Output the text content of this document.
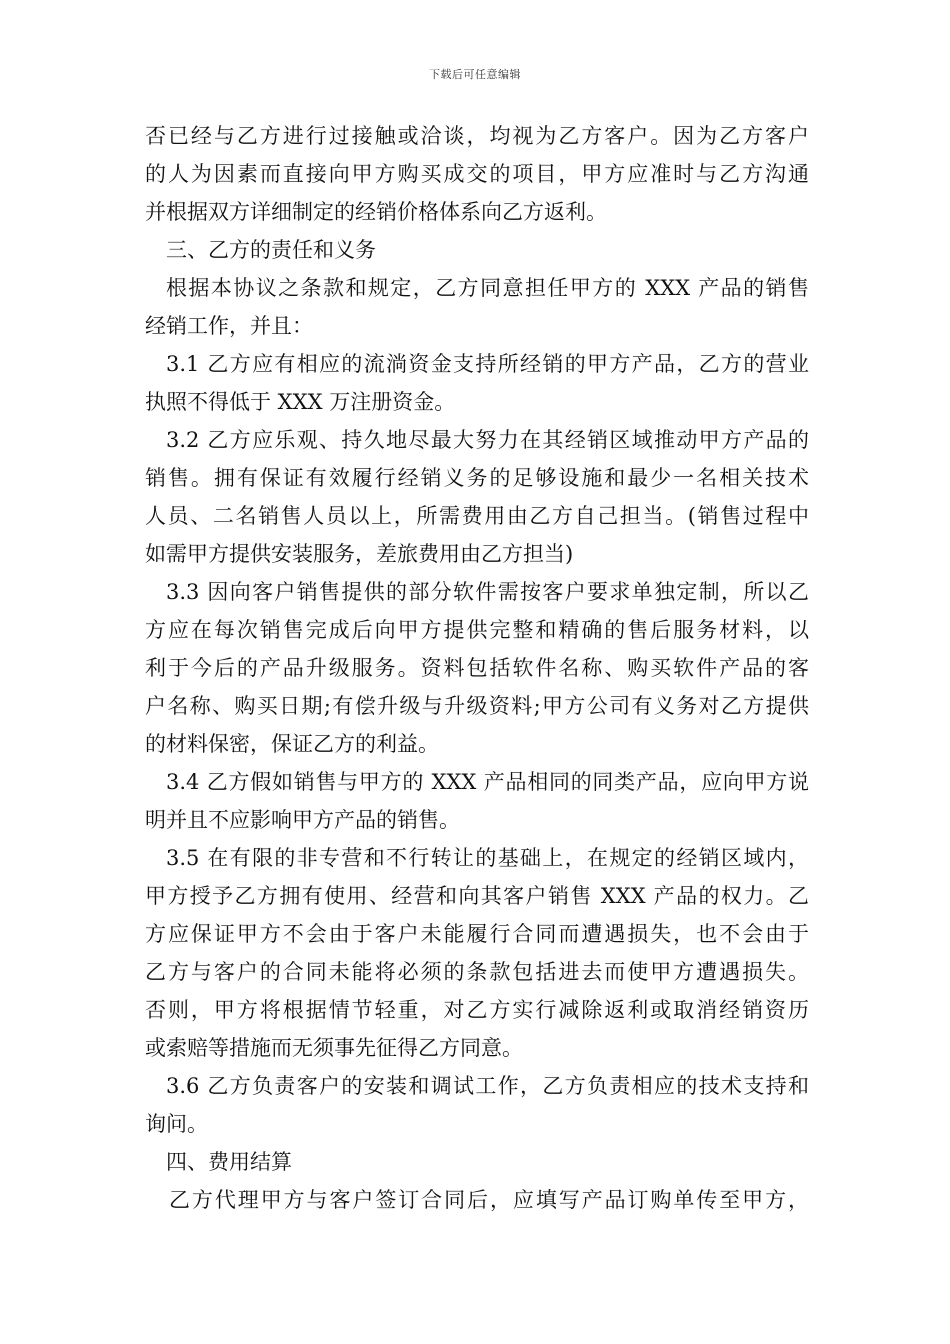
下载后可任意编辑
否已经与乙方进行过接触或洽谈，均视为乙方客户。因为乙方客户
的人为因素而直接向甲方购买成交的项目，甲方应准时与乙方沟通
并根据双方详细制定的经销价格体系向乙方返利。
三、乙方的责任和义务
根据本协议之条款和规定，乙方同意担任甲方的 XXX 产品的销售
经销工作，并且：
3.1 乙方应有相应的流淌资金支持所经销的甲方产品，乙方的营业
执照不得低于 XXX 万注册资金。
3.2 乙方应乐观、持久地尽最大努力在其经销区域推动甲方产品的
销售。拥有保证有效履行经销义务的足够设施和最少一名相关技术
人员、二名销售人员以上，所需费用由乙方自己担当。(销售过程中
如需甲方提供安装服务，差旅费用由乙方担当)
3.3 因向客户销售提供的部分软件需按客户要求单独定制，所以乙
方应在每次销售完成后向甲方提供完整和精确的售后服务材料，以
利于今后的产品升级服务。资料包括软件名称、购买软件产品的客
户名称、购买日期;有偿升级与升级资料;甲方公司有义务对乙方提供
的材料保密，保证乙方的利益。
3.4 乙方假如销售与甲方的 XXX 产品相同的同类产品，应向甲方说
明并且不应影响甲方产品的销售。
3.5 在有限的非专营和不行转让的基础上，在规定的经销区域内，
甲方授予乙方拥有使用、经营和向其客户销售 XXX 产品的权力。乙
方应保证甲方不会由于客户未能履行合同而遭遇损失，也不会由于
乙方与客户的合同未能将必须的条款包括进去而使甲方遭遇损失。
否则，甲方将根据情节轻重，对乙方实行减除返利或取消经销资历
或索赔等措施而无须事先征得乙方同意。
3.6 乙方负责客户的安装和调试工作，乙方负责相应的技术支持和
询问。
四、费用结算
乙方代理甲方与客户签订合同后，应填写产品订购单传至甲方，
